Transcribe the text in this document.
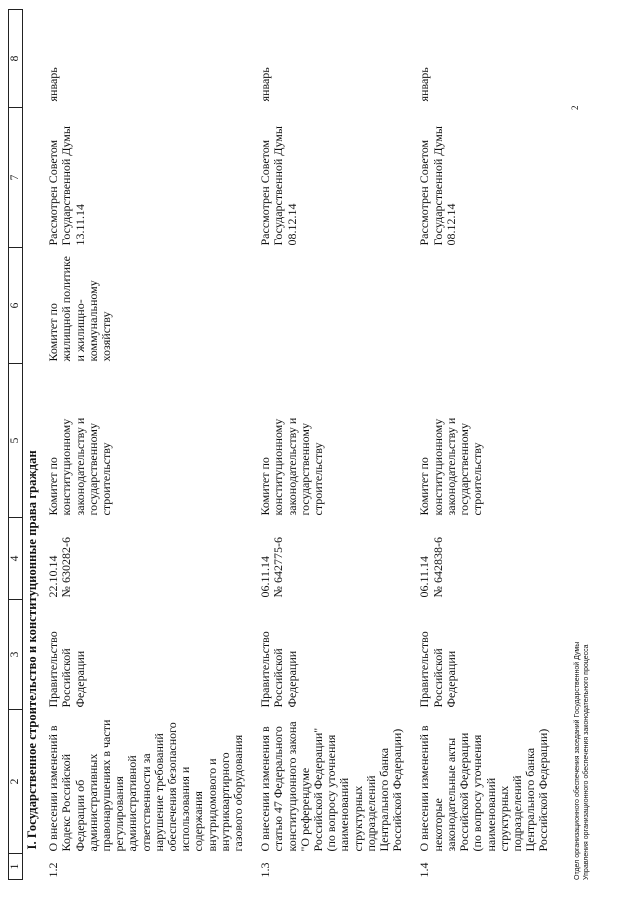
1	2	3	4	5	6	7	8
I. Государственное строительство и конституционные права граждан							
1.2	О внесении изменений в Кодекс Российской Федерации об административных правонарушениях в части регулирования административной ответственности за нарушение требований обеспечения безопасного использования и содержания внутридомового и внутриквартирного газового оборудования	Правительство Российской Федерации	22.10.14 № 630282-6	Комитет по конституционному законодательству и государственному строительству	Комитет по жилищной политике и жилищно-коммунальному хозяйству	Рассмотрен Советом Государственной Думы 13.11.14	январь
1.3	О внесении изменения в статью 47 Федерального конституционного закона "О референдуме Российской Федерации" (по вопросу уточнения наименований структурных подразделений Центрального банка Российской Федерации)	Правительство Российской Федерации	06.11.14 № 642775-6	Комитет по конституционному законодательству и государственному строительству		Рассмотрен Советом Государственной Думы 08.12.14	январь
1.4	О внесении изменений в некоторые законодательные акты Российской Федерации (по вопросу уточнения наименований структурных подразделений Центрального банка Российской Федерации)	Правительство Российской Федерации	06.11.14 № 642838-6	Комитет по конституционному законодательству и государственному строительству		Рассмотрен Советом Государственной Думы 08.12.14	январь
Отдел организационного обеспечения заседаний Государственной Думы Управления организационного обеспечения законодательного процесса
2
